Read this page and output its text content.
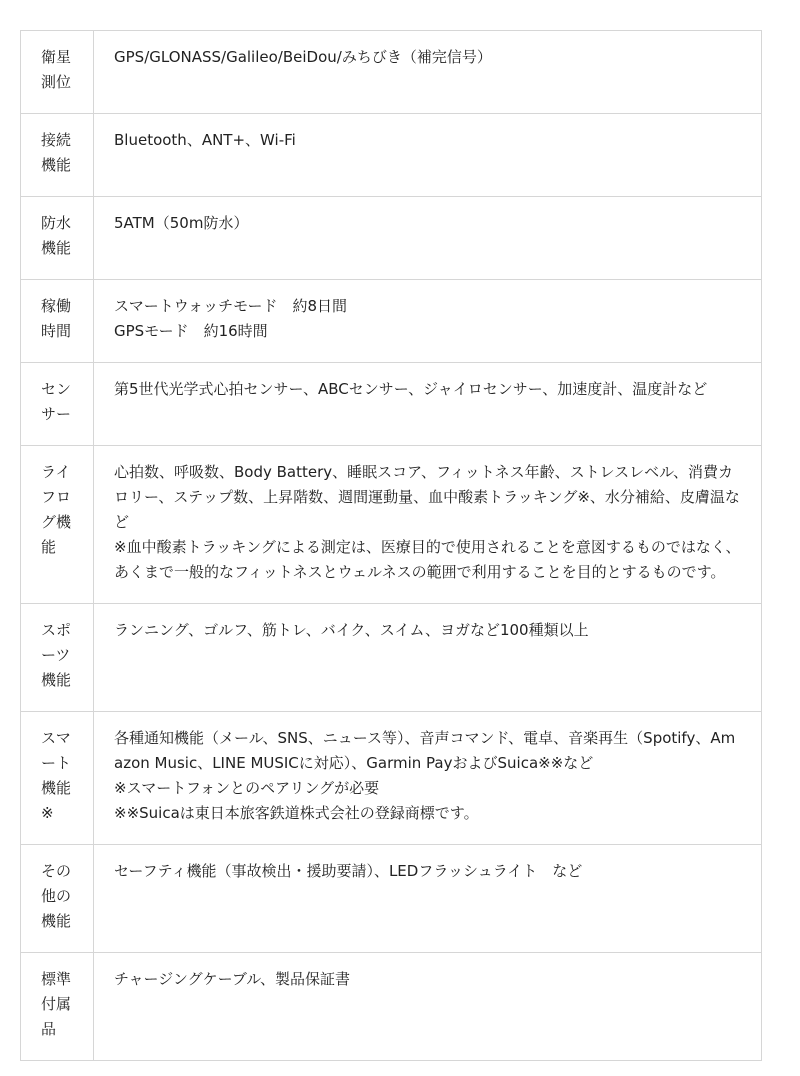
衛星
測位	GPS/GLONASS/Galileo/BeiDou/みちびき（補完信号）

接続
機能	Bluetooth、ANT+、Wi-Fi

防水
機能	5ATM（50m防水）

稼働
時間	スマートウォッチモード　約8日間
GPSモード　約16時間

セン
サー	第5世代光学式心拍センサー、ABCセンサー、ジャイロセンサー、加速度計、温度計など

ライ
フロ
グ機
能	心拍数、呼吸数、Body Battery、睡眠スコア、フィットネス年齢、ストレスレベル、消費カロリー、ステップ数、上昇階数、週間運動量、血中酸素トラッキング※、水分補給、皮膚温など
※血中酸素トラッキングによる測定は、医療目的で使用されることを意図するものではなく、あくまで一般的なフィットネスとウェルネスの範囲で利用することを目的とするものです。

スポ
ーツ
機能	ランニング、ゴルフ、筋トレ、バイク、スイム、ヨガなど100種類以上

スマ
ート
機能
※	各種通知機能（メール、SNS、ニュース等）、音声コマンド、電卓、音楽再生（Spotify、Amazon Music、LINE MUSICに対応）、Garmin PayおよびSuica※※など
※スマートフォンとのペアリングが必要
※※Suicaは東日本旅客鉄道株式会社の登録商標です。

その
他の
機能	セーフティ機能（事故検出・援助要請）、LEDフラッシュライト　など

標準
付属
品	チャージングケーブル、製品保証書
